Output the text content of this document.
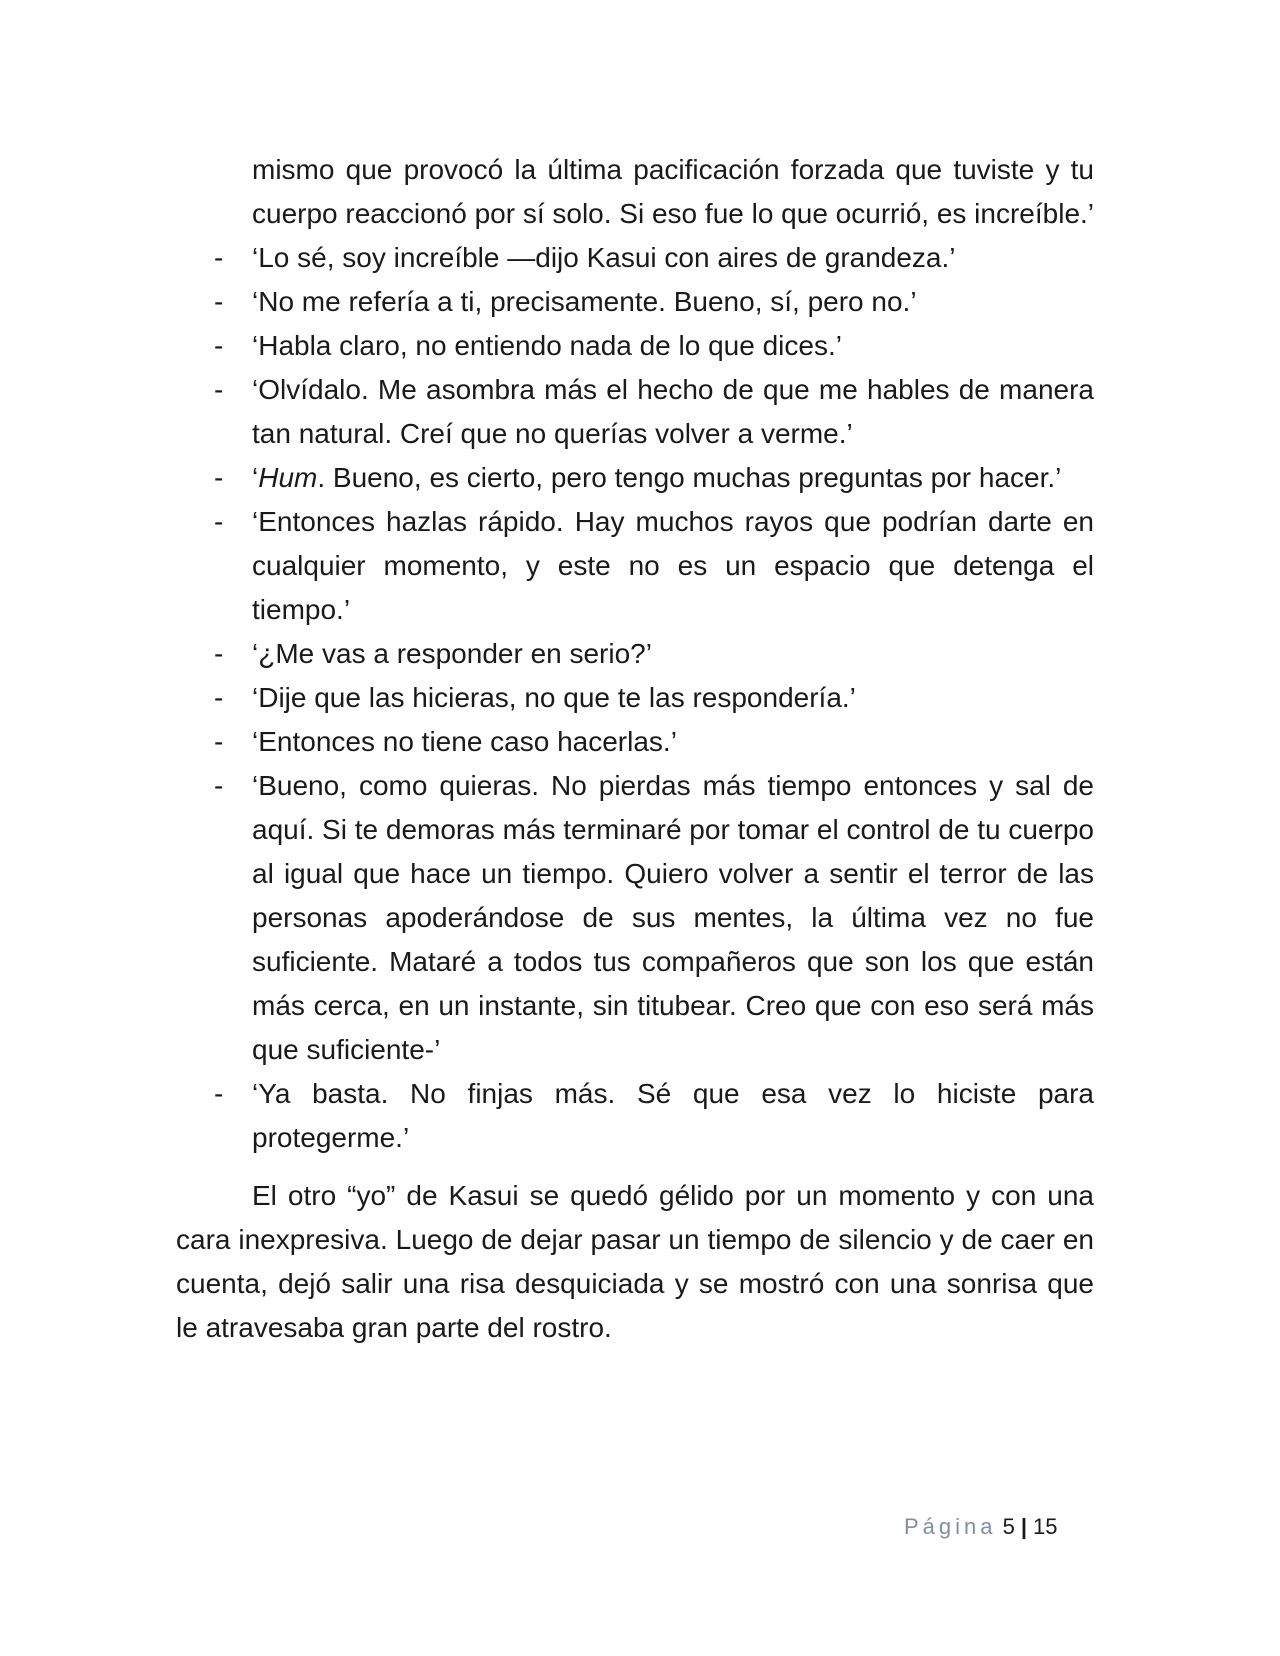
mismo que provocó la última pacificación forzada que tuviste y tu cuerpo reaccionó por sí solo. Si eso fue lo que ocurrió, es increíble.’

- ‘Lo sé, soy increíble —dijo Kasui con aires de grandeza.’
- ‘No me refería a ti, precisamente. Bueno, sí, pero no.’
- ‘Habla claro, no entiendo nada de lo que dices.’
- ‘Olvídalo. Me asombra más el hecho de que me hables de manera tan natural. Creí que no querías volver a verme.’
- ‘Hum. Bueno, es cierto, pero tengo muchas preguntas por hacer.’
- ‘Entonces hazlas rápido. Hay muchos rayos que podrían darte en cualquier momento, y este no es un espacio que detenga el tiempo.’
- ‘¿Me vas a responder en serio?’
- ‘Dije que las hicieras, no que te las respondería.’
- ‘Entonces no tiene caso hacerlas.’
- ‘Bueno, como quieras. No pierdas más tiempo entonces y sal de aquí. Si te demoras más terminaré por tomar el control de tu cuerpo al igual que hace un tiempo. Quiero volver a sentir el terror de las personas apoderándose de sus mentes, la última vez no fue suficiente. Mataré a todos tus compañeros que son los que están más cerca, en un instante, sin titubear. Creo que con eso será más que suficiente-’
- ‘Ya basta. No finjas más. Sé que esa vez lo hiciste para protegerme.’

El otro “yo” de Kasui se quedó gélido por un momento y con una cara inexpresiva. Luego de dejar pasar un tiempo de silencio y de caer en cuenta, dejó salir una risa desquiciada y se mostró con una sonrisa que le atravesaba gran parte del rostro.

Página 5 | 15
